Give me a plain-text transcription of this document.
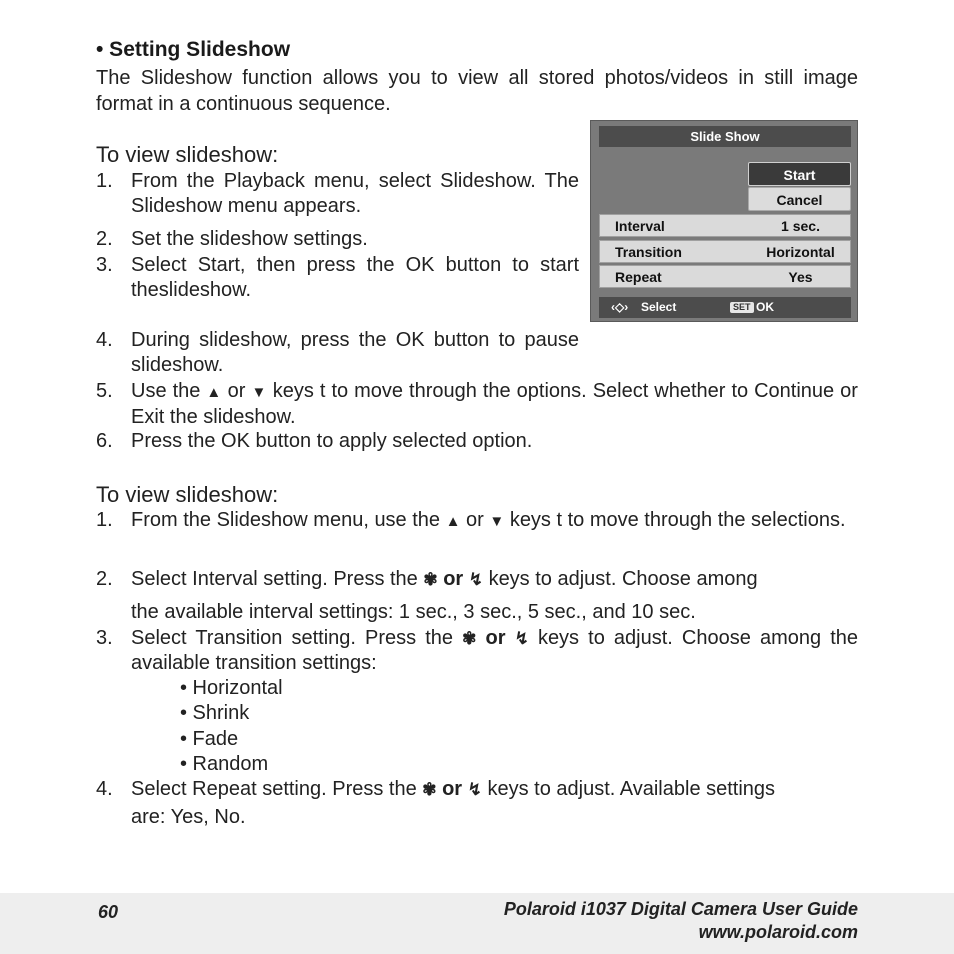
• Setting Slideshow
The Slideshow function allows you to view all stored photos/videos in still image format in a continuous sequence.
To view slideshow:
1. From the Playback menu, select Slideshow. The Slideshow menu appears.
2. Set the slideshow settings.
3. Select Start, then press the OK button to start theslideshow.
4. During slideshow, press the OK button to pause slideshow.
5. Use the ▲ or ▼ keys t to move through the options. Select whether to Continue or Exit the slideshow.
6. Press the OK button to apply selected option.
To view slideshow:
1. From the Slideshow menu, use the ▲ or ▼ keys t to move through the selections.
2. Select Interval setting. Press the ✾ or ↯ keys to adjust. Choose among
the available interval settings: 1 sec., 3 sec., 5 sec., and 10 sec.
3. Select Transition setting. Press the ✾ or ↯ keys to adjust. Choose among the available transition settings:
• Horizontal
• Shrink
• Fade
• Random
4. Select Repeat setting. Press the ✾ or ↯ keys to adjust. Available settings
are: Yes, No.
Slide Show
Start
Cancel
Interval	1 sec.
Transition	Horizontal
Repeat	Yes
‹◇› Select	SET OK
60	Polaroid i1037 Digital Camera User Guide
www.polaroid.com
